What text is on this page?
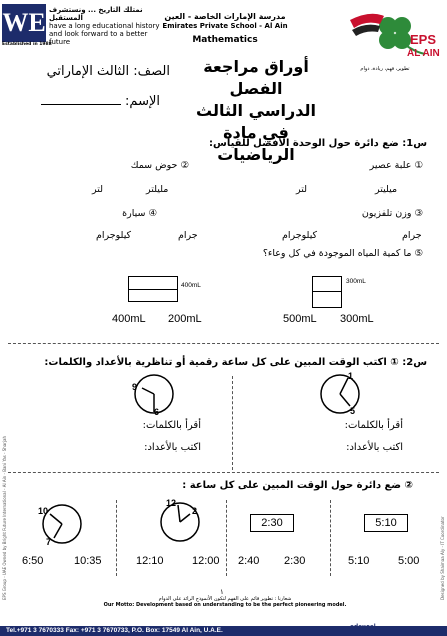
WE
Established in 1988
نمتلك التاريخ ... ونستشرف المستقبل
have a long educational history and look forward to a better future
مدرسة الإمارات الخاصة - العين
Emirates Private School - Al Ain
Mathematics
أوراق مراجعة الفصل
الدراسي الثالث
في مادة الرياضيات
الصف: الثالث الإماراتي
الإسم:
EPS
AL AIN
تطوير، فهم، ريادة، دوام
س1: ضع دائرة حول الوحدة الأفضل للقياس:
① علبة عصير
ميليتر
لتر
② حوض سمك
مليلتر
لتر
③ وزن تلفزيون
جرام
كيلوجرام
④ سيارة
جرام
كيلوجرام
⑤ ما كمية المياه الموجودة في كل وعاء؟
300mL
500mL 300mL
400mL
400mL 200mL
س2: ① اكتب الوقت المبين على كل ساعة رقمية أو تناظرية بالأعداد والكلمات:
1
5
9
6
أقرأ بالكلمات:
اكتب بالأعداد:
أقرأ بالكلمات:
اكتب بالأعداد:
② ضع دائرة حول الوقت المبين على كل ساعة :
5:10
5:10	5:00
2:30
2:40 2:30
12
2
12:10	12:00
10
7
6:50	10:35
١
شعارنا : تطوير قائم على الفهم لتكون الأنموذج الرائد على الدوام
Our Motto: Development based on understanding to be the perfect pioneering model.
Tel.+971 3 7670333 Fax: +971 3 7670733, P.O. Box: 17549 Al Ain, U.A.E.
EPS Group - UAE Owned by Bright Future International - Al Ain - Bani Yas - Sharjah	Designed by Shaimaa Aly - IT Coordinator
